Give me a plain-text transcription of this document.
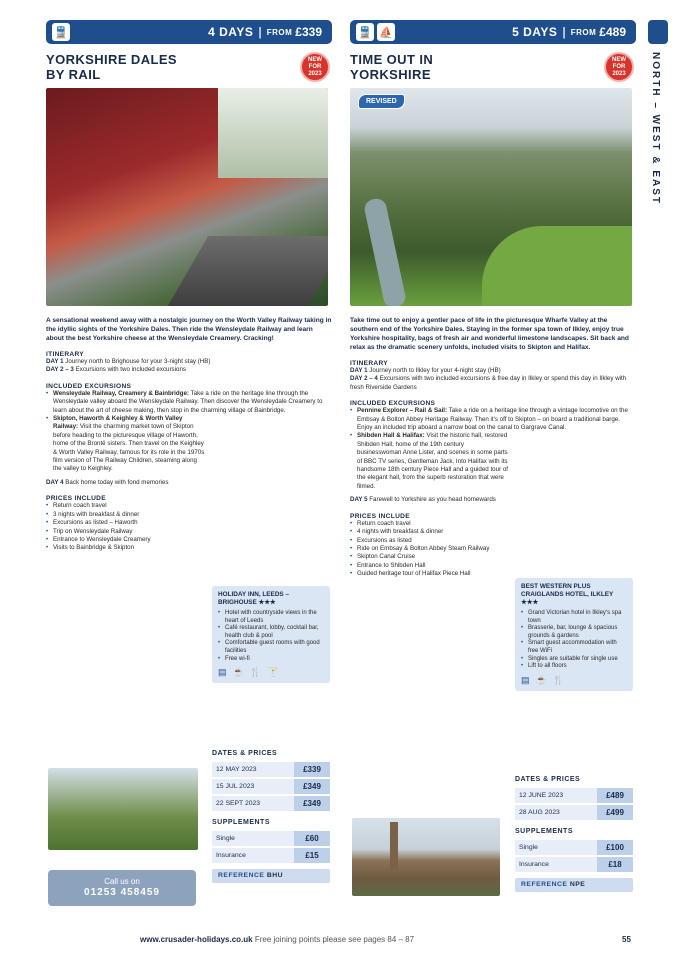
🚆	4 DAYS | FROM £339
YORKSHIRE DALES
BY RAIL
NEW FOR 2023
A sensational weekend away with a nostalgic journey on the Worth Valley Railway taking in the idyllic sights of the Yorkshire Dales. Then ride the Wensleydale Railway and learn about the best Yorkshire cheese at the Wensleydale Creamery. Cracking!
ITINERARY
DAY 1 Journey north to Brighouse for your 3-night stay (HB)
DAY 2 – 3 Excursions with two included excursions
INCLUDED EXCURSIONS
• Wensleydale Railway, Creamery & Bainbridge: Take a ride on the heritage line through the Wensleydale valley aboard the Wensleydale Railway. Then discover the Wensleydale Creamery to learn about the art of cheese making, then stop in the charming village of Bainbridge.
• Skipton, Haworth & Keighley & Worth Valley Railway: Visit the charming market town of Skipton before heading to the picturesque village of Haworth, home of the Brontë sisters. Then travel on the Keighley & Worth Valley Railway, famous for its role in the 1970s film version of The Railway Children, steaming along the valley to Keighley.
DAY 4 Back home today with fond memories
PRICES INCLUDE
• Return coach travel
• 3 nights with breakfast & dinner
• Excursions as listed – Haworth
• Trip on Wensleydale Railway
• Entrance to Wensleydale Creamery
• Visits to Bainbridge & Skipton
HOLIDAY INN, LEEDS – BRIGHOUSE ★★★
• Hotel with countryside views in the heart of Leeds
• Café restaurant, lobby, cocktail bar, health club & pool
• Comfortable guest rooms with good facilities
• Free wi-fi
▤ ☕ 🍴 🍸
DATES & PRICES
12 MAY 2023	£339
15 JUL 2023	£349
22 SEPT 2023	£349
SUPPLEMENTS
Single	£60
Insurance	£15
REFERENCE BHU
Call us on
01253 458459
🚆 ⛵	5 DAYS | FROM £489
TIME OUT IN
YORKSHIRE
NEW FOR 2023
REVISED
Take time out to enjoy a gentler pace of life in the picturesque Wharfe Valley at the southern end of the Yorkshire Dales. Staying in the former spa town of Ilkley, enjoy true Yorkshire hospitality, bags of fresh air and wonderful limestone landscapes. Sit back and relax as the dramatic scenery unfolds, included visits to Skipton and Halifax.
ITINERARY
DAY 1 Journey north to Ilkley for your 4-night stay (HB)
DAY 2 – 4 Excursions with two included excursions & free day in Ilkley or spend this day in Ilkley with fresh Riverside Gardens
INCLUDED EXCURSIONS
• Pennine Explorer – Rail & Sail: Take a ride on a heritage line through a vintage locomotive on the Embsay & Bolton Abbey Heritage Railway. Then it's off to Skipton – on board a traditional barge. Enjoy an included trip aboard a narrow boat on the canal to Gargrave Canal.
• Shibden Hall & Halifax: Visit the historic hall, restored Shibden Hall, home of the 19th century businesswoman Anne Lister, and scenes in some parts of BBC TV series, Gentleman Jack. Into Halifax with its handsome 18th century Piece Hall and a guided tour of the elegant hall, from the superb restoration that were filmed.
DAY 5 Farewell to Yorkshire as you head homewards
PRICES INCLUDE
• Return coach travel
• 4 nights with breakfast & dinner
• Excursions as listed
• Ride on Embsay & Bolton Abbey Steam Railway
• Skipton Canal Cruise
• Entrance to Shibden Hall
• Guided heritage tour of Halifax Piece Hall
BEST WESTERN PLUS CRAIGLANDS HOTEL, ILKLEY ★★★
• Grand Victorian hotel in Ilkley's spa town
• Brasserie, bar, lounge & spacious grounds & gardens
• Smart guest accommodation with free WiFi
• Singles are suitable for single use
• Lift to all floors
▤ ☕ 🍴
DATES & PRICES
12 JUNE 2023	£489
28 AUG 2023	£499
SUPPLEMENTS
Single	£100
Insurance	£18
REFERENCE NPE
NORTH – WEST & EAST
www.crusader-holidays.co.uk Free joining points please see pages 84 – 87	55
